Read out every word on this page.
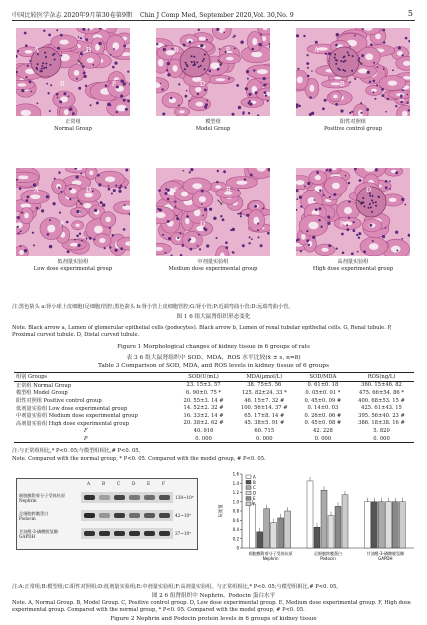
中国比较医学杂志 2020年9月第30卷第9期 Chin J Comp Med, September 2020,Vol. 30,No. 9	5
A
B
D
P
↘
正常组
Normal Group
B
D
P
↘
模型组
Model Group
A
B
↘
阳性对照组
Positive control group
A
P
D
↘
低剂量实验组
Low dose experimental group
P
D
B
↘
中剂量实验组
Medium dose experimental group
A
P
D
↘
高剂量实验组
High dose experimental group
注:黑色箭头 a:肾小球上皮细胞(足细胞)管腔;黑色箭头 b:肾小管上皮细胞管腔;G:肾小管;P:近端弯曲小管;D:远端弯曲小管。
图 1 6 组大鼠肾组织形态变化
Note. Black arrow a, Lumen of glomerular epithelial cells (podocytes). Black arrow b, Lumen of renal tubular epithelial cells. G, Renal tubule. P, Proximal curved tubule. D, Distal curved tubule.
Figure 1 Morphological changes of kidney tissue in 6 groups of rats
表 3 6 组大鼠肾组织中 SOD、MDA、ROS 水平比较(x̄ ± s, n=8)
Table 3 Comparison of SOD, MDA, and ROS levels in kidney tissue of 6 groups
组别 Groups	SOD(U/mL)	MDA(μmol/L)	SOD/MDA	ROS(ng/L)
正常组 Normal Group	23. 15±3. 57	38. 75±5. 56	0. 61±0. 18	360. 15±46. 82
模型组 Model Group	6. 90±0. 75 *	125. 82±24. 33 *	0. 05±0. 01 *	475. 66±54. 86 *
阳性对照组 Positive control group	20. 55±3. 14 #	46. 15±7. 32 #	0. 45±0. 09 #	400. 68±53. 15 #
低剂量实验组 Low dose experimental group	14. 52±2. 32 #	100. 56±14. 37 #	0. 14±0. 03	425. 61±43. 15
中剂量实验组 Medium dose experimental group	16. 33±2. 14 #	65. 17±8. 14 #	0. 26±0. 06 #	395. 56±40. 23 #
高剂量实验组 High dose experimental group	20. 38±2. 62 #	45. 38±5. 91 #	0. 45±0. 08 #	386. 18±38. 16 #
F	40. 916	60. 715	42. 228	5. 820
P	0. 000	0. 000	0. 000	0. 000
注:与正常组相比,* P<0. 05;与模型组相比,# P<0. 05。
Note. Compared with the normal group, * P<0. 05. Compared with the model group, # P<0. 05.
A	B	C	D	E	F
细胞膜附着分子受体抗原
Nephrin
138~10⁴
足细胞跨膜蛋白
Podocin
42~10⁴
甘油醛-3-磷酸脱氢酶
GAPDH
37~10⁴
0
0.2
0.4
0.6
0.8
1.0
1.2
1.4
1.6
灰度值
细胞膜附着分子受体抗原
Nephrin
足细胞跨膜蛋白
Podocin
甘油醛-3-磷酸脱氢酶
GAPDH
A
B
C
D
E
F
注:A:正常组;B:模型组;C:阳性对照组;D:低剂量实验组;E:中剂量实验组;F:高剂量实验组。与正常组相比,* P<0. 05;与模型组相比,# P<0. 05。
图 2 6 组肾组织中 Nephrin、Podocin 蛋白水平
Note. A, Normal Group. B, Model Group. C, Positive control group. D, Low dose experimental group. E, Medium dose experimental group. F, High dose experimental group. Compared with the normal group, * P<0. 05. Compared with the model group, # P<0. 05.
Figure 2 Nephrin and Podocin protein levels in 6 groups of kidney tissue
